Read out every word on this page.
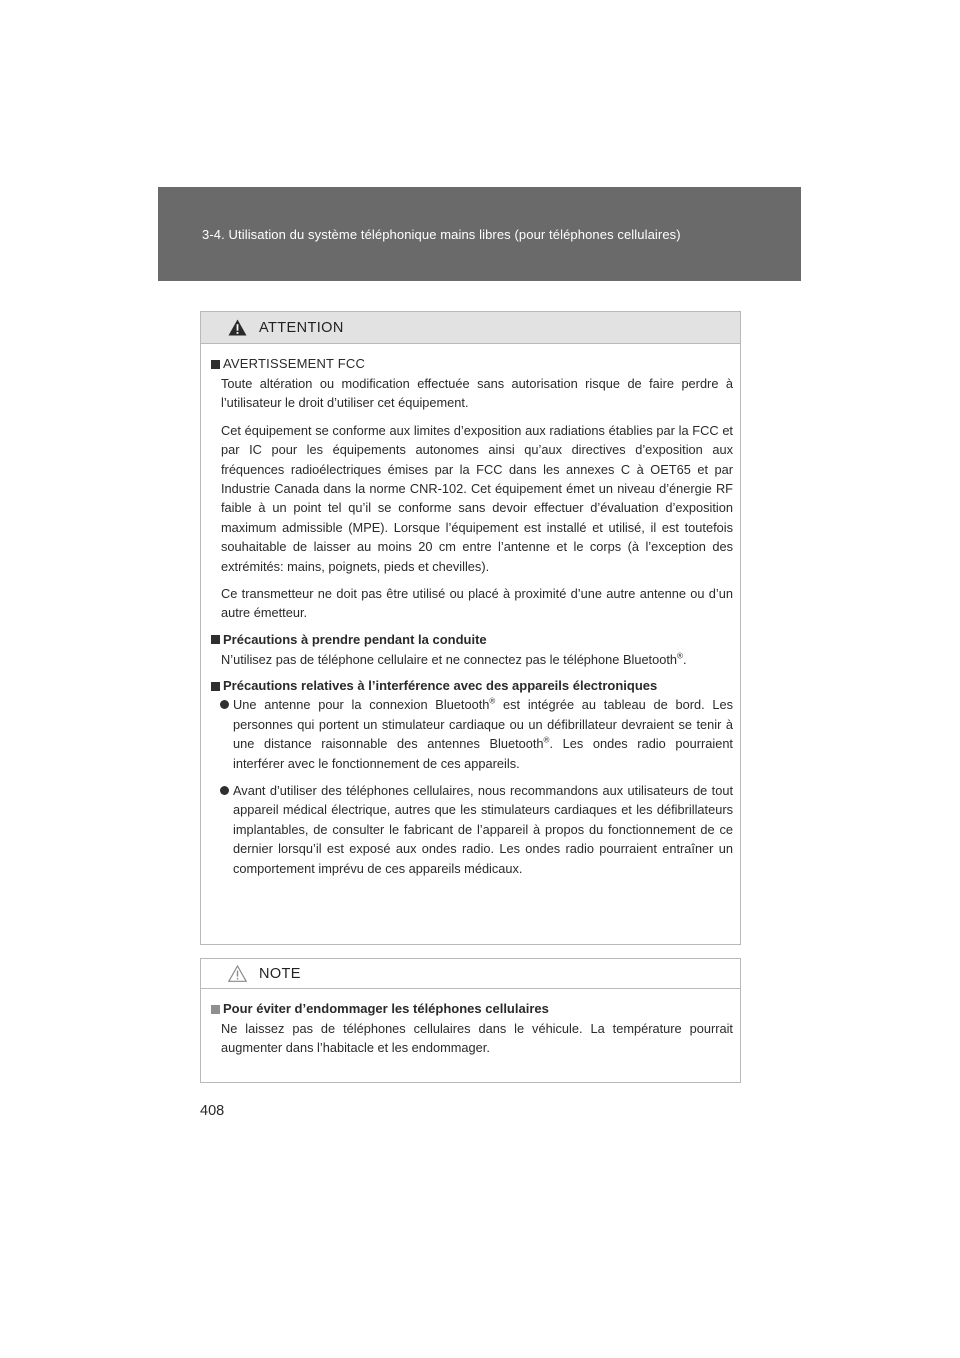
3-4. Utilisation du système téléphonique mains libres (pour téléphones cellulaires)
ATTENTION
AVERTISSEMENT FCC

Toute altération ou modification effectuée sans autorisation risque de faire perdre à l’utilisateur le droit d’utiliser cet équipement.

Cet équipement se conforme aux limites d’exposition aux radiations établies par la FCC et par IC pour les équipements autonomes ainsi qu’aux directives d’exposition aux fréquences radioélectriques émises par la FCC dans les annexes C à OET65 et par Industrie Canada dans la norme CNR-102. Cet équipement émet un niveau d’énergie RF faible à un point tel qu’il se conforme sans devoir effectuer d’évaluation d’exposition maximum admissible (MPE). Lorsque l’équipement est installé et utilisé, il est toutefois souhaitable de laisser au moins 20 cm entre l’antenne et le corps (à l’exception des extrémités: mains, poignets, pieds et chevilles).

Ce transmetteur ne doit pas être utilisé ou placé à proximité d’une autre antenne ou d’un autre émetteur.

Précautions à prendre pendant la conduite

N’utilisez pas de téléphone cellulaire et ne connectez pas le téléphone Bluetooth®.

Précautions relatives à l’interférence avec des appareils électroniques

Une antenne pour la connexion Bluetooth® est intégrée au tableau de bord. Les personnes qui portent un stimulateur cardiaque ou un défibrillateur devraient se tenir à une distance raisonnable des antennes Bluetooth®. Les ondes radio pourraient interférer avec le fonctionnement de ces appareils.

Avant d’utiliser des téléphones cellulaires, nous recommandons aux utilisateurs de tout appareil médical électrique, autres que les stimulateurs cardiaques et les défibrillateurs implantables, de consulter le fabricant de l’appareil à propos du fonctionnement de ce dernier lorsqu’il est exposé aux ondes radio. Les ondes radio pourraient entraîner un comportement imprévu de ces appareils médicaux.

NOTE
Pour éviter d’endommager les téléphones cellulaires

Ne laissez pas de téléphones cellulaires dans le véhicule. La température pourrait augmenter dans l’habitacle et les endommager.

408
